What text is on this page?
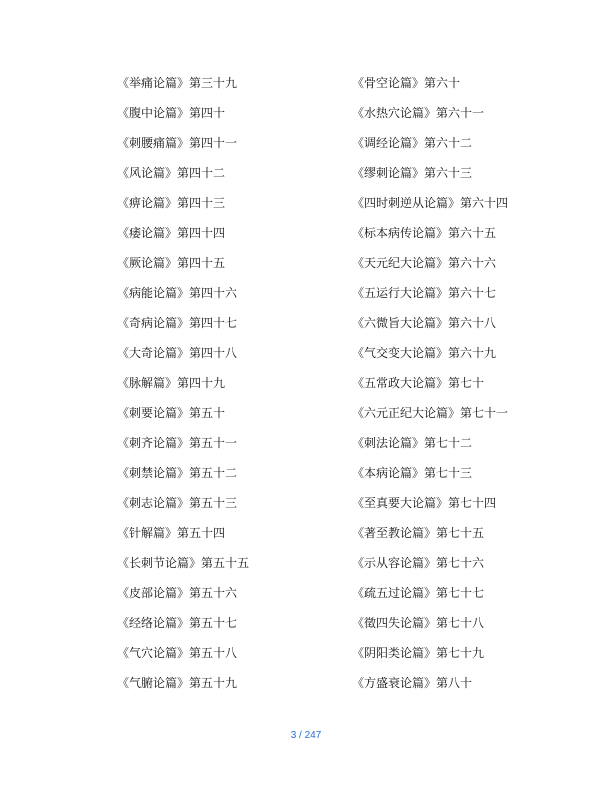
《举痛论篇》第三十九
《腹中论篇》第四十
《刺腰痛篇》第四十一
《风论篇》第四十二
《痹论篇》第四十三
《痿论篇》第四十四
《厥论篇》第四十五
《病能论篇》第四十六
《奇病论篇》第四十七
《大奇论篇》第四十八
《脉解篇》第四十九
《刺要论篇》第五十
《刺齐论篇》第五十一
《刺禁论篇》第五十二
《刺志论篇》第五十三
《针解篇》第五十四
《长刺节论篇》第五十五
《皮部论篇》第五十六
《经络论篇》第五十七
《气穴论篇》第五十八
《气腑论篇》第五十九
《骨空论篇》第六十
《水热穴论篇》第六十一
《调经论篇》第六十二
《缪刺论篇》第六十三
《四时刺逆从论篇》第六十四
《标本病传论篇》第六十五
《天元纪大论篇》第六十六
《五运行大论篇》第六十七
《六微旨大论篇》第六十八
《气交变大论篇》第六十九
《五常政大论篇》第七十
《六元正纪大论篇》第七十一
《刺法论篇》第七十二
《本病论篇》第七十三
《至真要大论篇》第七十四
《著至教论篇》第七十五
《示从容论篇》第七十六
《疏五过论篇》第七十七
《徵四失论篇》第七十八
《阴阳类论篇》第七十九
《方盛衰论篇》第八十
3 / 247
